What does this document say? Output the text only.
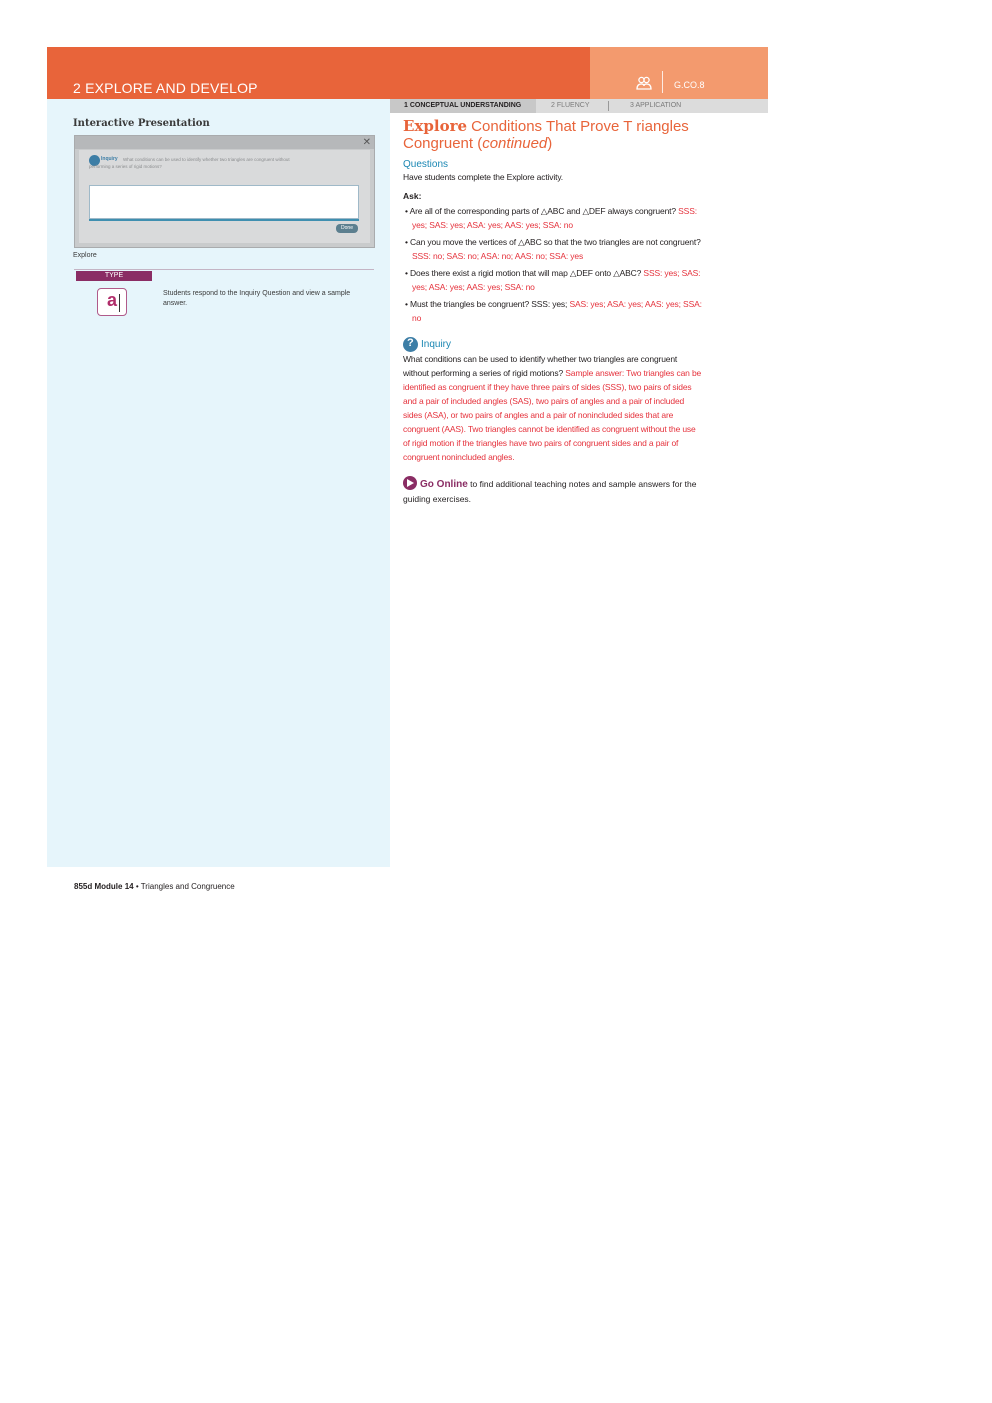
2 EXPLORE AND DEVELOP	G.CO.8
Interactive Presentation
✕
Inquiry What conditions can be used to identify whether two triangles are congruent without
performing a series of rigid motions?
Done
Explore
TYPE
a	Students respond to the Inquiry Question and view a sample answer.
1 CONCEPTUAL UNDERSTANDING	2 FLUENCY	3 APPLICATION
Explore Conditions That Prove T riangles Congruent (continued)
Questions

Have students complete the Explore activity.

Ask:
• Are all of the corresponding parts of △ABC and △DEF always congruent? SSS: yes; SAS: yes; ASA: yes; AAS: yes; SSA: no
• Can you move the vertices of △ABC so that the two triangles are not congruent? SSS: no; SAS: no; ASA: no; AAS: no; SSA: yes
• Does there exist a rigid motion that will map △DEF onto △ABC? SSS: yes; SAS: yes; ASA: yes; AAS: yes; SSA: no
• Must the triangles be congruent? SSS: yes; SAS: yes; ASA: yes; AAS: yes; SSA: no
?
Inquiry

What conditions can be used to identify whether two triangles are congruent without performing a series of rigid motions? Sample answer: Two triangles can be identified as congruent if they have three pairs of sides (SSS), two pairs of sides and a pair of included angles (SAS), two pairs of angles and a pair of included sides (ASA), or two pairs of angles and a pair of nonincluded sides that are congruent (AAS). Two triangles cannot be identified as congruent without the use of rigid motion if the triangles have two pairs of congruent sides and a pair of congruent nonincluded angles.

Go Online to find additional teaching notes and sample answers for the guiding exercises.

855d Module 14 • Triangles and Congruence
